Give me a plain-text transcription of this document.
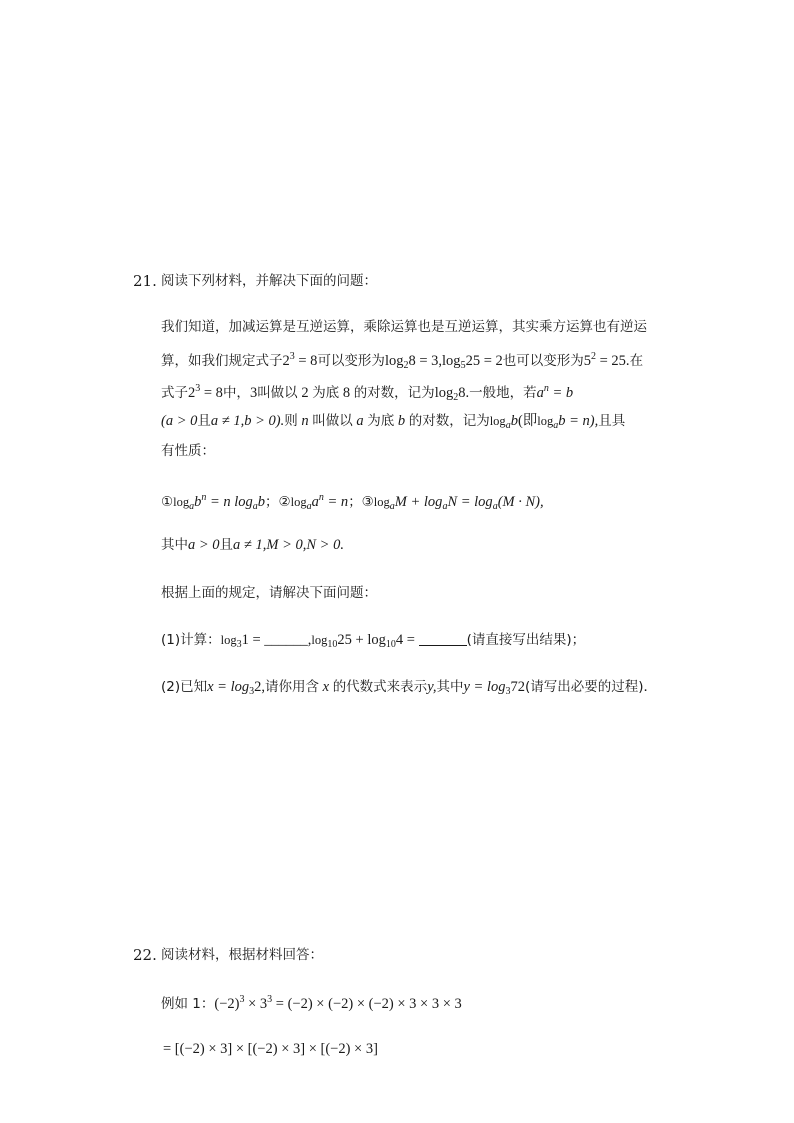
21. 阅读下列材料，并解决下面的问题：
我们知道，加减运算是互逆运算，乘除运算也是互逆运算，其实乘方运算也有逆运
算，如我们规定式子$2^3 = 8$可以变形为$\log_28 = 3,\log_525 = 2$也可以变形为$5^2 = 25$.在
式子$2^3 = 8$中，3叫做以 2 为底 8 的对数，记为$\log_28$.一般地，若$a^n = b$
(a > 0且a ≠ 1,b > 0).则 n 叫做以 a 为底 b 的对数，记为$\log_ab$(即$\log_ab = n$),且具
有性质：
$①\log_ab^n = n$ $\log_ab$；$②\log_aa^n = n$；$③\log_aM + \log_aN = \log_a(M \cdot N)$,
其中a > 0且a ≠ 1,M > 0,N > 0.
根据上面的规定，请解决下面问题：
(1)计算：$\log_31$ = $\_\_\_\_\_\_,\log_{10}25 + \log_{10}4$ =	(请直接写出结果)；
(2)已知$x = \log_32$,请你用含 x 的代数式来表示y,其中$y = \log_372$(请写出必要的过程)．
22. 阅读材料，根据材料回答：
例如 1：$(-2)^3 \times 3^3 = (-2) \times (-2) \times (-2) \times 3 \times 3 \times 3$
= [(−2) × 3] × [(−2) × 3] × [(−2) × 3]
